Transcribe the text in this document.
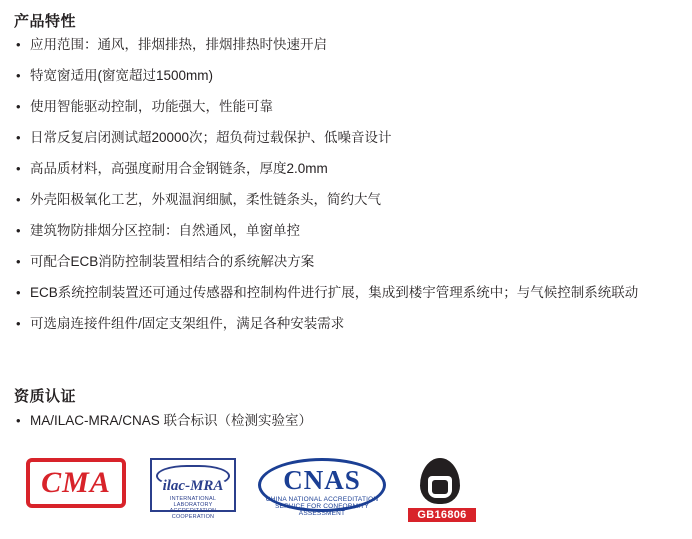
产品特性
• 应用范围：通风，排烟排热，排烟排热时快速开启
• 特宽窗适用(窗宽超过1500mm)
• 使用智能驱动控制，功能强大，性能可靠
• 日常反复启闭测试超20000次；超负荷过载保护、低噪音设计
• 高品质材料，高强度耐用合金钢链条，厚度2.0mm
• 外壳阳极氧化工艺，外观温润细腻，柔性链条头，简约大气
• 建筑物防排烟分区控制：自然通风，单窗单控
• 可配合ECB消防控制装置相结合的系统解决方案
• ECB系统控制装置还可通过传感器和控制构件进行扩展，集成到楼宇管理系统中；与气候控制系统联动
• 可选扇连接件组件/固定支架组件，满足各种安装需求
资质认证
• MA/ILAC-MRA/CNAS 联合标识（检测实验室）
CMA	ilac-MRA
INTERNATIONAL LABORATORY ACCREDITATION COOPERATION
CNAS
CHINA NATIONAL ACCREDITATION SERVICE FOR CONFORMITY ASSESSMENT	GB16806
